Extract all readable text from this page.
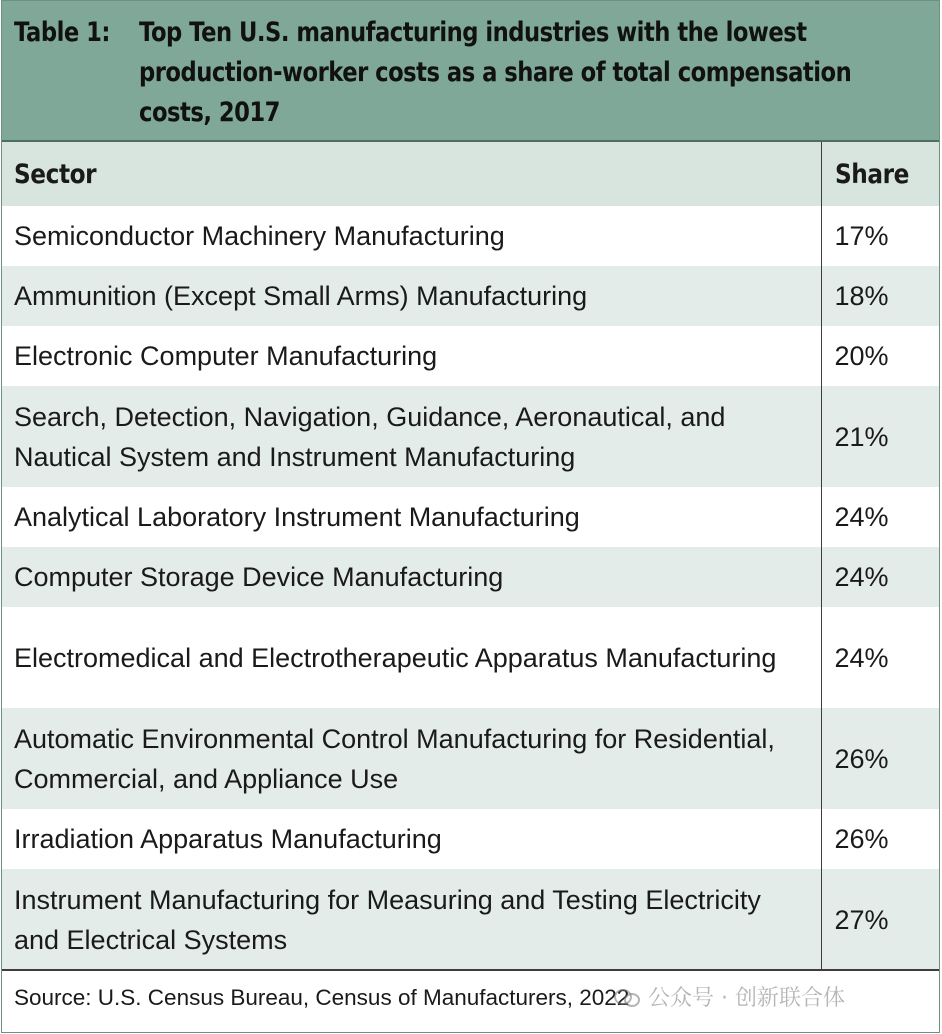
Table 1: Top Ten U.S. manufacturing industries with the lowest production-worker costs as a share of total compensation costs, 2017
Sector	Share
Semiconductor Machinery Manufacturing	17%
Ammunition (Except Small Arms) Manufacturing	18%
Electronic Computer Manufacturing	20%
Search, Detection, Navigation, Guidance, Aeronautical, and Nautical System and Instrument Manufacturing	21%
Analytical Laboratory Instrument Manufacturing	24%
Computer Storage Device Manufacturing	24%
Electromedical and Electrotherapeutic Apparatus Manufacturing	24%
Automatic Environmental Control Manufacturing for Residential, Commercial, and Appliance Use	26%
Irradiation Apparatus Manufacturing	26%
Instrument Manufacturing for Measuring and Testing Electricity and Electrical Systems	27%
Source: U.S. Census Bureau, Census of Manufacturers, 2022 公众号 · 创新联合体
